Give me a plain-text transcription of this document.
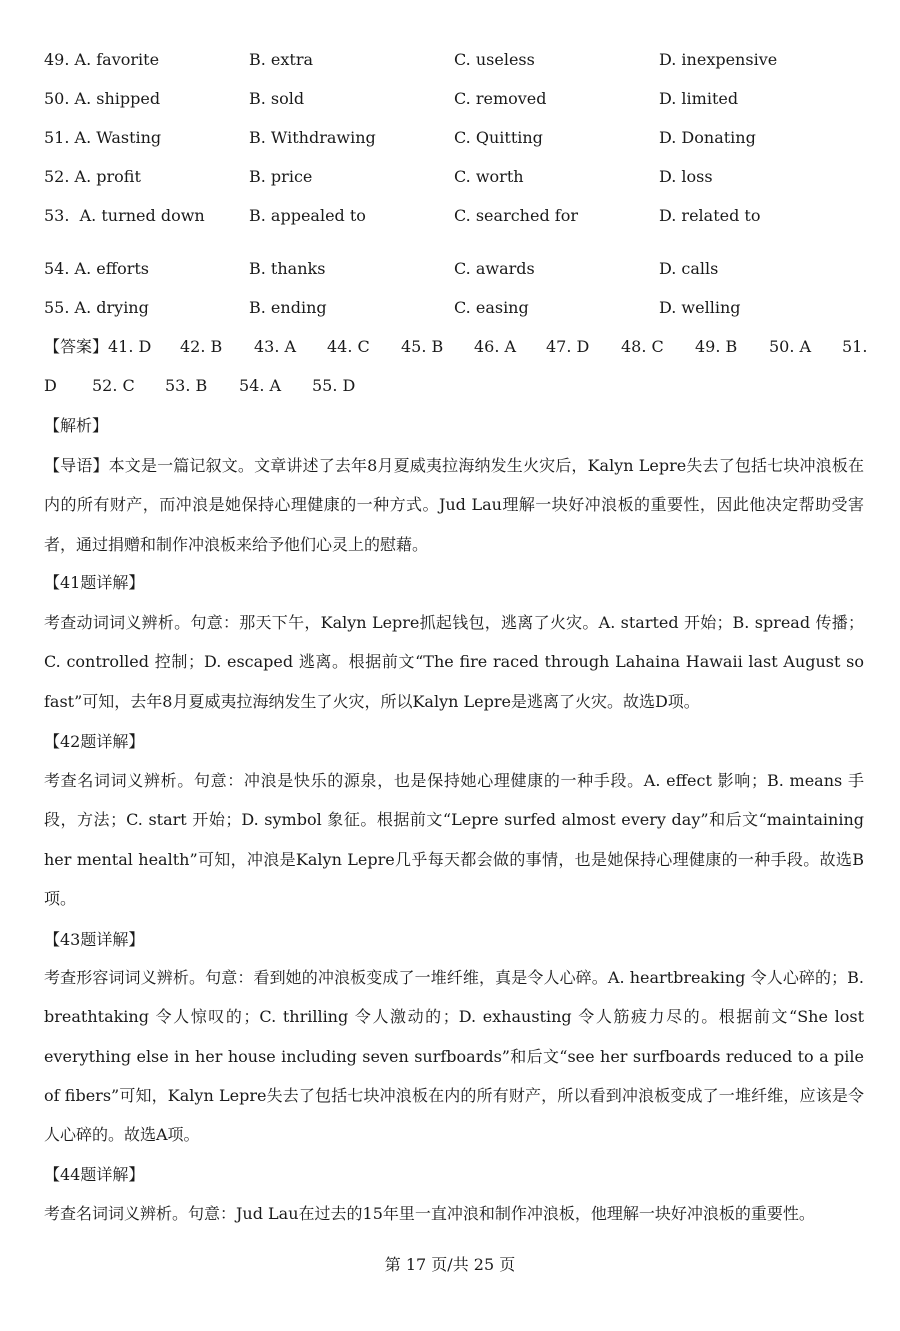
49. A. favorite	B. extra	C. useless	D. inexpensive
50. A. shipped	B. sold	C. removed	D. limited
51. A. Wasting	B. Withdrawing	C. Quitting	D. Donating
52. A. profit	B. price	C. worth	D. loss
53.  A. turned down	B. appealed to	C. searched for	D. related to
54. A. efforts	B. thanks	C. awards	D. calls
55. A. drying	B. ending	C. easing	D. welling
【答案】41. D 42. B 43. A 44. C 45. B 46. A 47. D 48. C 49. B 50. A 51.
D 52. C 53. B 54. A 55. D
【解析】

【导语】本文是一篇记叙文。文章讲述了去年8月夏威夷拉海纳发生火灾后，Kalyn Lepre失去了包括七块冲浪板在内的所有财产，而冲浪是她保持心理健康的一种方式。Jud Lau理解一块好冲浪板的重要性，因此他决定帮助受害者，通过捐赠和制作冲浪板来给予他们心灵上的慰藉。

【41题详解】

考查动词词义辨析。句意：那天下午，Kalyn Lepre抓起钱包，逃离了火灾。A. started 开始；B. spread 传播；C. controlled 控制；D. escaped 逃离。根据前文“The fire raced through Lahaina Hawaii last August so fast”可知，去年8月夏威夷拉海纳发生了火灾，所以Kalyn Lepre是逃离了火灾。故选D项。

【42题详解】

考查名词词义辨析。句意：冲浪是快乐的源泉，也是保持她心理健康的一种手段。A. effect 影响；B. means 手段，方法；C. start 开始；D. symbol 象征。根据前文“Lepre surfed almost every day”和后文“maintaining her mental health”可知，冲浪是Kalyn Lepre几乎每天都会做的事情，也是她保持心理健康的一种手段。故选B项。

【43题详解】

考查形容词词义辨析。句意：看到她的冲浪板变成了一堆纤维，真是令人心碎。A. heartbreaking 令人心碎的；B. breathtaking 令人惊叹的；C. thrilling 令人激动的；D. exhausting 令人筋疲力尽的。根据前文“She lost everything else in her house including seven surfboards”和后文“see her surfboards reduced to a pile of fibers”可知，Kalyn Lepre失去了包括七块冲浪板在内的所有财产，所以看到冲浪板变成了一堆纤维，应该是令人心碎的。故选A项。

【44题详解】

考查名词词义辨析。句意：Jud Lau在过去的15年里一直冲浪和制作冲浪板，他理解一块好冲浪板的重要性。

第 17 页/共 25 页
